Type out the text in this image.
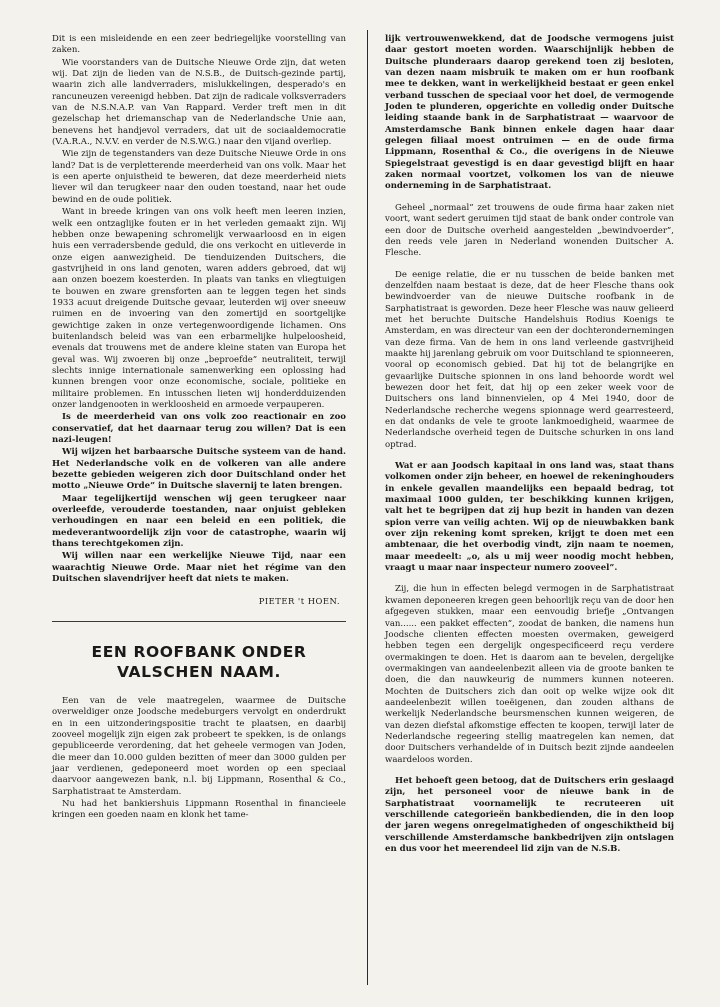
Dit is een misleidende en een zeer bedriegelijke voorstelling van zaken.

Wie voorstanders van de Duitsche Nieuwe Orde zijn, dat weten wij. Dat zijn de lieden van de N.S.B., de Duitsch-gezinde partij, waarin zich alle landverraders, mislukkelingen, desperado's en rancuneuzen vereenigd hebben. Dat zijn de radicale volksverraders van de N.S.N.A.P. van Van Rappard. Verder treft men in dit gezelschap het driemanschap van de Nederlandsche Unie aan, benevens het handjevol verraders, dat uit de sociaaldemocratie (V.A.R.A., N.V.V. en verder de N.S.W.G.) naar den vijand overliep.

Wie zijn de tegenstanders van deze Duitsche Nieuwe Orde in ons land? Dat is de verpletterende meerderheid van ons volk. Maar het is een aperte onjuistheid te beweren, dat deze meerderheid niets liever wil dan terugkeer naar den ouden toestand, naar het oude bewind en de oude politiek.

Want in breede kringen van ons volk heeft men leeren inzien, welk een ontzaglijke fouten er in het verleden gemaakt zijn. Wij hebben onze bewapening schromelijk verwaarloosd en in eigen huis een verradersbende geduld, die ons verkocht en uitleverde in onze eigen aanwezigheid. De tienduizenden Duitschers, die gastvrijheid in ons land genoten, waren adders gebroed, dat wij aan onzen boezem koesterden. In plaats van tanks en vliegtuigen te bouwen en zware grensforten aan te leggen tegen het sinds 1933 acuut dreigende Duitsche gevaar, leuterden wij over sneeuw ruimen en de invoering van den zomertijd en soortgelijke gewichtige zaken in onze vertegenwoordigende lichamen. Ons buitenlandsch beleid was van een erbarmelijke hulpeloosheid, evenals dat trouwens met de andere kleine staten van Europa het geval was. Wij zwoeren bij onze „beproefde” neutraliteit, terwijl slechts innige internationale samenwerking een oplossing had kunnen brengen voor onze economische, sociale, politieke en militaire problemen. En intusschen lieten wij honderdduizenden onzer landgenooten in werkloosheid en armoede verpauperen.

Is de meerderheid van ons volk zoo reactionair en zoo conservatief, dat het daarnaar terug zou willen? Dat is een nazi-leugen!

Wij wijzen het barbaarsche Duitsche systeem van de hand. Het Nederlandsche volk en de volkeren van alle andere bezette gebieden weigeren zich door Duitschland onder het motto „Nieuwe Orde” in Duitsche slavernij te laten brengen.

Maar tegelijkertijd wenschen wij geen terugkeer naar overleefde, verouderde toestanden, naar onjuist gebleken verhoudingen en naar een beleid en een politiek, die medeverantwoordelijk zijn voor de catastrophe, waarin wij thans terechtgekomen zijn.

Wij willen naar een werkelijke Nieuwe Tijd, naar een waarachtig Nieuwe Orde. Maar niet het régime van den Duitschen slavendrijver heeft dat niets te maken.

PIETER 't HOEN.
EEN ROOFBANK ONDER VALSCHEN NAAM.

Een van de vele maatregelen, waarmee de Duitsche overweldiger onze Joodsche medeburgers vervolgt en onderdrukt en in een uitzonderingspositie tracht te plaatsen, en daarbij zooveel mogelijk zijn eigen zak probeert te spekken, is de onlangs gepubliceerde verordening, dat het geheele vermogen van Joden, die meer dan 10.000 gulden bezitten of meer dan 3000 gulden per jaar verdienen, gedeponeerd moet worden op een speciaal daarvoor aangewezen bank, n.l. bij Lippmann, Rosenthal & Co., Sarphatistraat te Amsterdam.

Nu had het bankiershuis Lippmann Rosenthal in financieele kringen een goeden naam en klonk het tame-

lijk vertrouwenwekkend, dat de Joodsche vermogens juist daar gestort moeten worden. Waarschijnlijk hebben de Duitsche plunderaars daarop gerekend toen zij besloten, van dezen naam misbruik te maken om er hun roofbank mee te dekken, want in werkelijkheid bestaat er geen enkel verband tusschen de speciaal voor het doel, de vermogende Joden te plunderen, opgerichte en volledig onder Duitsche leiding staande bank in de Sarphatistraat — waarvoor de Amsterdamsche Bank binnen enkele dagen haar daar gelegen filiaal moest ontruimen — en de oude firma Lippmann, Rosenthal & Co., die overigens in de Nieuwe Spiegelstraat gevestigd is en daar gevestigd blijft en haar zaken normaal voortzet, volkomen los van de nieuwe onderneming in de Sarphatistraat.

Geheel „normaal” zet trouwens de oude firma haar zaken niet voort, want sedert geruimen tijd staat de bank onder controle van een door de Duitsche overheid aangestelden „bewindvoerder”, den reeds vele jaren in Nederland wonenden Duitscher A. Flesche.

De eenige relatie, die er nu tusschen de beide banken met denzelfden naam bestaat is deze, dat de heer Flesche thans ook bewindvoerder van de nieuwe Duitsche roofbank in de Sarphatistraat is geworden. Deze heer Flesche was nauw gelieerd met het beruchte Duitsche Handelshuis Rodius Koenigs te Amsterdam, en was directeur van een der dochterondernemingen van deze firma. Van de hem in ons land verleende gastvrijheid maakte hij jarenlang gebruik om voor Duitschland te spionneeren, vooral op economisch gebied. Dat hij tot de belangrijke en gevaarlijke Duitsche spionnen in ons land behoorde wordt wel bewezen door het feit, dat hij op een zeker week voor de Duitschers ons land binnenvielen, op 4 Mei 1940, door de Nederlandsche recherche wegens spionnage werd gearresteerd, en dat ondanks de vele te groote lankmoedigheid, waarmee de Nederlandsche overheid tegen de Duitsche schurken in ons land optrad.

Wat er aan Joodsch kapitaal in ons land was, staat thans volkomen onder zijn beheer, en hoewel de rekeninghouders in enkele gevallen maandelijks een bepaald bedrag, tot maximaal 1000 gulden, ter beschikking kunnen krijgen, valt het te begrijpen dat zij hup bezit in handen van dezen spion verre van veilig achten. Wij op de nieuwbakken bank over zijn rekening komt spreken, krijgt te doen met een ambtenaar, die het overbodig vindt, zijn naam te noemen, maar meedeelt: „o, als u mij weer noodig mocht hebben, vraagt u maar naar inspecteur numero zooveel”.

Zij, die hun in effecten belegd vermogen in de Sarphatistraat kwamen deponeeren kregen geen behoorlijk reçu van de door hen afgegeven stukken, maar een eenvoudig briefje „Ontvangen van...... een pakket effecten”, zoodat de banken, die namens hun Joodsche clienten effecten moesten overmaken, geweigerd hebben tegen een dergelijk ongespecificeerd reçu verdere overmakingen te doen. Het is daarom aan te bevelen, dergelijke overmakingen van aandeelenbezit alleen via de groote banken te doen, die dan nauwkeurig de nummers kunnen noteeren. Mochten de Duitschers zich dan ooit op welke wijze ook dit aandeelenbezit willen toeëigenen, dan zouden althans de werkelijk Nederlandsche beursmenschen kunnen weigeren, de van dezen diefstal afkomstige effecten te koopen, terwijl later de Nederlandsche regeering stellig maatregelen kan nemen, dat door Duitschers verhandelde of in Duitsch bezit zijnde aandeelen waardeloos worden.

Het behoeft geen betoog, dat de Duitschers erin geslaagd zijn, het personeel voor de nieuwe bank in de Sarphatistraat voornamelijk te recruteeren uit verschillende categorieën bankbedienden, die in den loop der jaren wegens onregelmatigheden of ongeschiktheid bij verschillende Amsterdamsche bankbedrijven zijn ontslagen en dus voor het meerendeel lid zijn van de N.S.B.
